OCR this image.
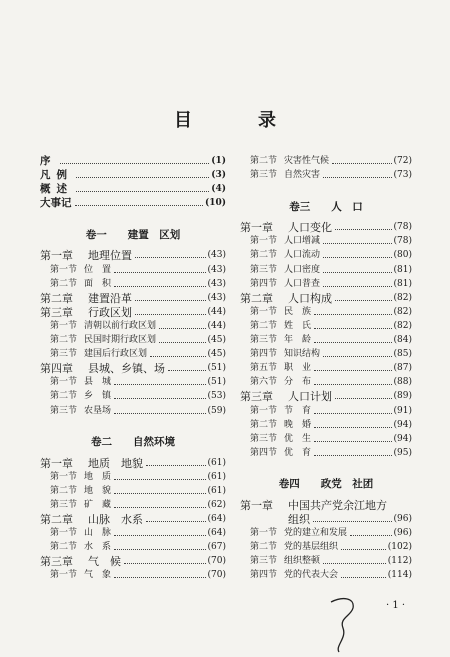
目　录
序	(1)
凡例	(3)
概述	(4)
大事记	(10)
卷一　　建置　区划
第一章 地理位置	(43)
第一节 位　置	(43)
第二节 面　积	(43)
第二章 建置沿革	(43)
第三章 行政区划	(44)
第一节 清朝以前行政区划	(44)
第二节 民国时期行政区划	(45)
第三节 建国后行政区划	(45)
第四章 县城、乡镇、场	(51)
第一节 县　城	(51)
第二节 乡　镇	(53)
第三节 农垦场	(59)
卷二　　自然环境
第一章 地质　地貌	(61)
第一节 地　质	(61)
第二节 地　貌	(61)
第三节 矿　藏	(62)
第二章 山脉　水系	(64)
第一节 山　脉	(64)
第二节 水　系	(67)
第三章 气　候	(70)
第一节 气　象	(70)
第二节 灾害性气候	(72)
第三节 自然灾害	(73)
卷三　　人　口
第一章 人口变化	(78)
第一节 人口增减	(78)
第二节 人口流动	(80)
第三节 人口密度	(81)
第四节 人口普查	(81)
第二章 人口构成	(82)
第一节 民　族	(82)
第二节 姓　氏	(82)
第三节 年　龄	(84)
第四节 知识结构	(85)
第五节 职　业	(87)
第六节 分　布	(88)
第三章 人口计划	(89)
第一节 节　育	(91)
第二节 晚　婚	(94)
第三节 优　生	(94)
第四节 优　育	(95)
卷四　　政党　社团
第一章 中国共产党余江地方
组织	(96)
第一节 党的建立和发展	(96)
第二节 党的基层组织	(102)
第三节 组织整顿	(112)
第四节 党的代表大会	(114)
· 1 ·
